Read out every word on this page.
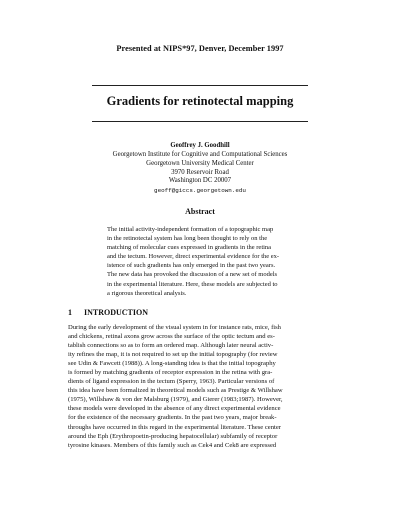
Presented at NIPS*97, Denver, December 1997
Gradients for retinotectal mapping
Geoffrey J. Goodhill
Georgetown Institute for Cognitive and Computational Sciences
Georgetown University Medical Center
3970 Reservoir Road
Washington DC 20007
geoff@giccs.georgetown.edu
Abstract
The initial activity-independent formation of a topographic map
in the retinotectal system has long been thought to rely on the
matching of molecular cues expressed in gradients in the retina
and the tectum. However, direct experimental evidence for the ex-
istence of such gradients has only emerged in the past two years.
The new data has provoked the discussion of a new set of models
in the experimental literature. Here, these models are subjected to
a rigorous theoretical analysis.
1 INTRODUCTION
During the early development of the visual system in for instance rats, mice, fish
and chickens, retinal axons grow across the surface of the optic tectum and es-
tablish connections so as to form an ordered map. Although later neural activ-
ity refines the map, it is not required to set up the initial topography (for review
see Udin & Fawcett (1988)). A long-standing idea is that the initial topography
is formed by matching gradients of receptor expression in the retina with gra-
dients of ligand expression in the tectum (Sperry, 1963). Particular versions of
this idea have been formalized in theoretical models such as Prestige & Willshaw
(1975), Willshaw & von der Malsburg (1979), and Gierer (1983;1987). However,
these models were developed in the absence of any direct experimental evidence
for the existence of the necessary gradients. In the past two years, major break-
throughs have occurred in this regard in the experimental literature. These center
around the Eph (Erythropoetin-producing hepatocellular) subfamily of receptor
tyrosine kinases. Members of this family such as Cek4 and Cek8 are expressed
